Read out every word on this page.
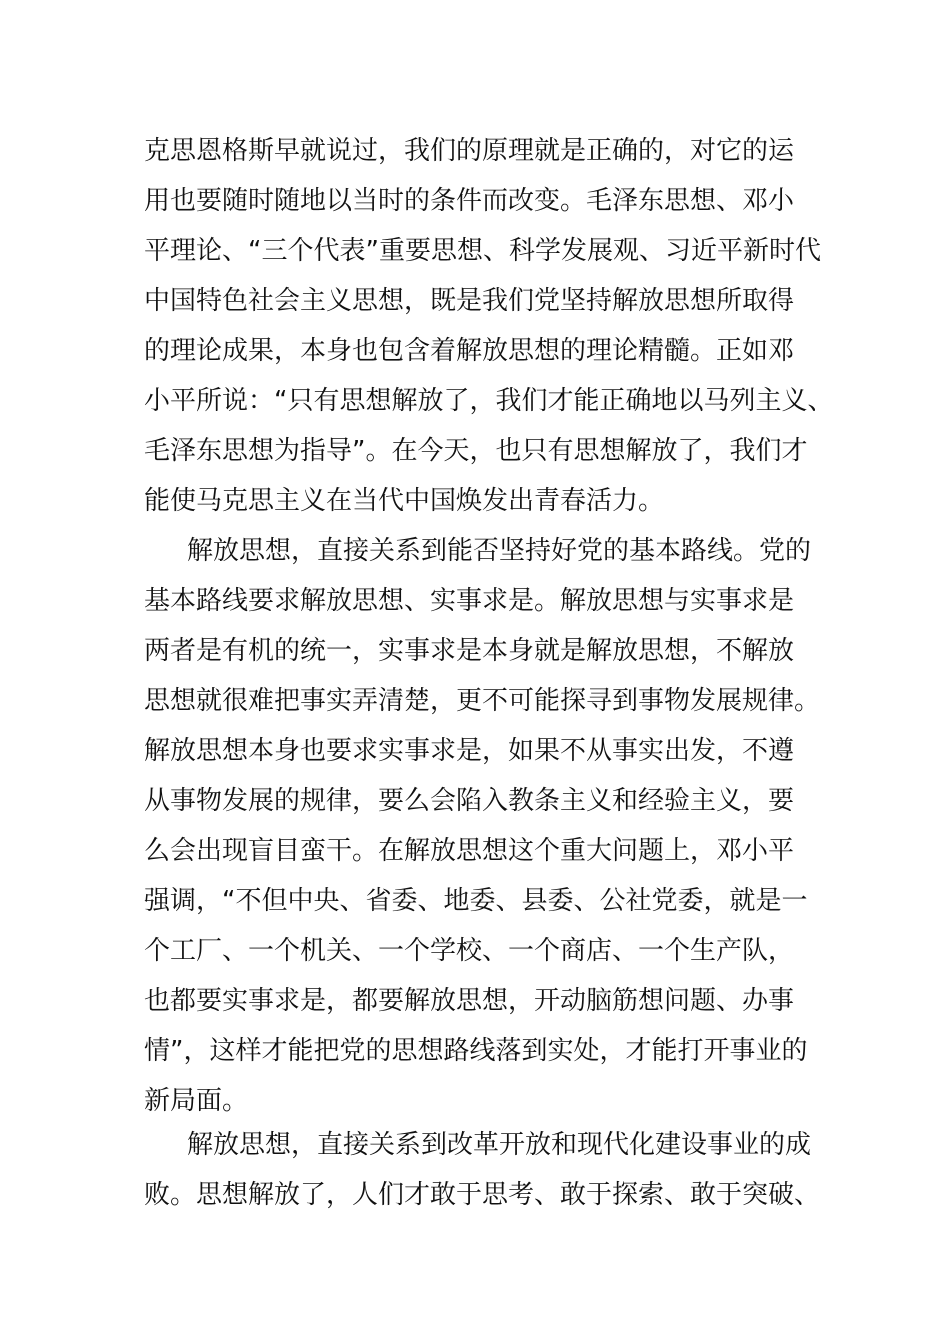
克思恩格斯早就说过，我们的原理就是正确的，对它的运
用也要随时随地以当时的条件而改变。毛泽东思想、邓小
平理论、“三个代表”重要思想、科学发展观、习近平新时代
中国特色社会主义思想，既是我们党坚持解放思想所取得
的理论成果，本身也包含着解放思想的理论精髓。正如邓
小平所说：“只有思想解放了，我们才能正确地以马列主义、
毛泽东思想为指导”。在今天，也只有思想解放了，我们才
能使马克思主义在当代中国焕发出青春活力。
解放思想，直接关系到能否坚持好党的基本路线。党的
基本路线要求解放思想、实事求是。解放思想与实事求是
两者是有机的统一，实事求是本身就是解放思想，不解放
思想就很难把事实弄清楚，更不可能探寻到事物发展规律。
解放思想本身也要求实事求是，如果不从事实出发，不遵
从事物发展的规律，要么会陷入教条主义和经验主义，要
么会出现盲目蛮干。在解放思想这个重大问题上，邓小平
强调，“不但中央、省委、地委、县委、公社党委，就是一
个工厂、一个机关、一个学校、一个商店、一个生产队，
也都要实事求是，都要解放思想，开动脑筋想问题、办事
情”，这样才能把党的思想路线落到实处，才能打开事业的
新局面。
解放思想，直接关系到改革开放和现代化建设事业的成
败。思想解放了，人们才敢于思考、敢于探索、敢于突破、
